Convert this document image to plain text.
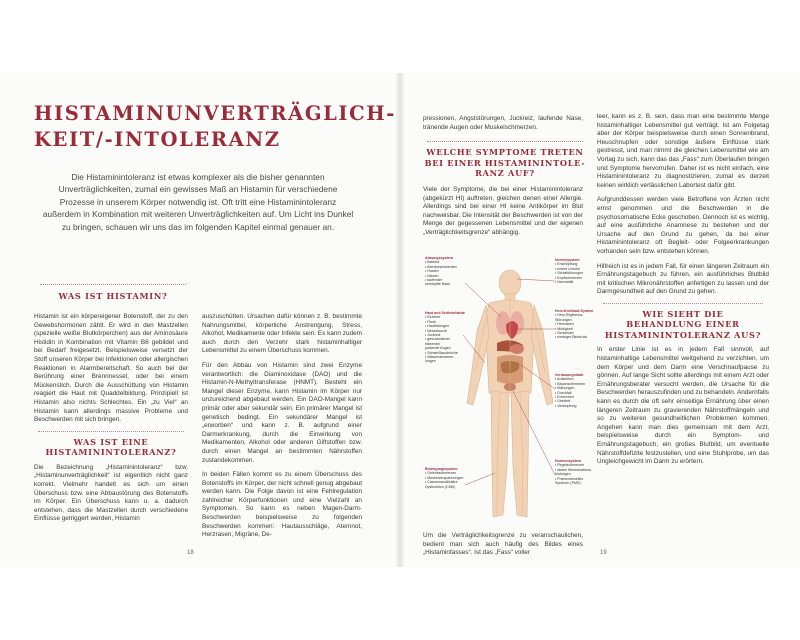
HISTAMINUNVERTRÄGLICH-
KEIT/-INTOLERANZ

Die Histaminintoleranz ist etwas komplexer als die bisher genannten Unverträglichkeiten, zumal ein gewisses Maß an Histamin für verschiedene Prozesse in unserem Körper notwendig ist. Oft tritt eine Histaminintoleranz außerdem in Kombination mit weiteren Unverträglichkeiten auf. Um Licht ins Dunkel zu bringen, schauen wir uns das im folgenden Kapitel einmal genauer an.

WAS IST HISTAMIN?

Histamin ist ein körpereigener Botenstoff, der zu den Gewebshormonen zählt. Er wird in den Mastzellen (spezielle weiße Blutkörperchen) aus der Aminosäure Histidin in Kombination mit Vitamin B6 gebildet und bei Bedarf freigesetzt. Beispielsweise versetzt der Stoff unseren Körper bei Infektionen oder allergischen Reaktionen in Alarmbereitschaft. So auch bei der Berührung einer Brennnessel, oder bei einem Mückenstich. Durch die Ausschüttung von Histamin reagiert die Haut mit Quaddelbildung. Prinzipiell ist Histamin also nichts Schlechtes. Ein „zu Viel“ an Histamin kann allerdings massive Probleme und Beschwerden mit sich bringen.

WAS IST EINE
HISTAMININTOLERANZ?

Die Bezeichnung „Histaminintoleranz“ bzw. „Histaminunverträglichkeit“ ist eigentlich nicht ganz korrekt. Vielmehr handelt es sich um einen Überschuss bzw. eine Abbaustörung des Botenstoffs im Körper. Ein Überschuss kann u. a. dadurch entstehen, dass die Mastzellen durch verschiedene Einflüsse getriggert werden, Histamin

auszuschütten. Ursachen dafür können z. B. bestimmte Nahrungsmittel, körperliche Anstrengung, Stress, Alkohol, Medikamente oder Infekte sein. Es kann zudem auch durch den Verzehr stark histaminhaltiger Lebensmittel zu einem Überschuss kommen.

Für den Abbau von Histamin sind zwei Enzyme verantwortlich: die Diaminoxidase (DAO) und die Histamin-N-Methyltransferase (HNMT). Besteht ein Mangel dieser Enzyme, kann Histamin im Körper nur unzureichend abgebaut werden. Ein DAO-Mangel kann primär oder aber sekundär sein. Ein primärer Mangel ist genetisch bedingt. Ein sekundärer Mangel ist „erworben“ und kann z. B. aufgrund einer Darmerkrankung, durch die Einwirkung von Medikamenten, Alkohol oder anderen Giftstoffen bzw. durch einen Mangel an bestimmten Nährstoffen zustandekommen.

In beiden Fällen kommt es zu einem Überschuss des Botenstoffs im Körper, der nicht schnell genug abgebaut werden kann. Die Folge davon ist eine Fehlregulation zahlreicher Körperfunktionen und eine Vielzahl an Symptomen. So kann es neben Magen-Darm-Beschwerden beispielsweise zu folgenden Beschwerden kommen: Hautausschläge, Atemnot, Herzrasen, Migräne, De-

18

pressionen, Angststörungen, Juckreiz, laufende Nase, tränende Augen oder Muskelschmerzen.

WELCHE SYMPTOME TRETEN
BEI EINER HISTAMININTOLE-
RANZ AUF?

Viele der Symptome, die bei einer Histaminintoleranz (abgekürzt HI) auftreten, gleichen denen einer Allergie. Allerdings sind bei einer HI keine Antikörper im Blut nachweisbar. Die Intensität der Beschwerden ist von der Menge der gegessenen Lebensmittel und der eigenen „Verträglichkeitsgrenze“ abhängig.

Atmungssystem
• Asthma
• Atembeschwerden
• Husten
• Niesen
• laufender
verstopfte Nase
Haut und Schleimhäute
• Ekzeme
• Flush
• Hautrötungen
• Nesselsucht
• Juckreiz
• geschwollene/
tränende/
juckende Augen
• Schweißausbrüche
• Wasseransamm-
lungen
Bewegungssystem
• Gelenkschmerzen
• Muskelverspannungen
• Craniomandibuläre
Dysfunktion (CMD)
Nervensystem
• Erschöpfung
• innere Unruhe
• Schlafstörungen
• Kopfschmerzen
• Nervosität
Herz-Kreislauf-System
• Herz-Rhythmus-
Störungen
• Herzrasen
• Müdigkeit
• Schwindel
• niedriger Blutdruck
Verdauungstrakt
• Aufstoßen
• Bauchschmerzen
• Blähungen
• Durchfall
• Erbrechen
• Übelkeit
• Verstopfung
Hormonsystem
• Regelschmerzen
• starke Menstruations-
blutungen
• Prämenstruelles
Syndrom (PMS)

Um die Verträglichkeitsgrenze zu veranschaulichen, bedient man sich auch häufig des Bildes eines „Histaminfasses“. Ist das „Fass“ voller

leer, kann es z. B. sein, dass man eine bestimmte Menge histaminhaltiger Lebensmittel gut verträgt. Ist am Folgetag aber der Körper beispielsweise durch einen Sonnenbrand, Heuschnupfen oder sonstige äußere Einflüsse stark gestresst, und man nimmt die gleichen Lebensmittel wie am Vortag zu sich, kann das das „Fass“ zum Überlaufen bringen und Symptome hervorrufen. Daher ist es nicht einfach, eine Histaminintoleranz zu diagnostizieren, zumal es derzeit keinen wirklich verlässlichen Labortest dafür gibt.

Aufgrunddessen werden viele Betroffene von Ärzten nicht ernst genommen und die Beschwerden in die psychosomatische Ecke geschoben. Dennoch ist es wichtig, auf eine ausführliche Anamnese zu bestehen und der Ursache auf den Grund zu gehen, da bei einer Histaminintoleranz oft Begleit- oder Folgeerkrankungen vorhanden sein bzw. entstehen können.

Hilfreich ist es in jedem Fall, für einen längeren Zeitraum ein Ernährungstagebuch zu führen, ein ausführliches Blutbild mit kritischen Mikronährstoffen anfertigen zu lassen und der Darmgesundheit auf den Grund zu gehen.

WIE SIEHT DIE
BEHANDLUNG EINER
HISTAMININTOLERANZ AUS?

In erster Linie ist es in jedem Fall sinnvoll, auf histaminhaltige Lebensmittel weitgehend zu verzichten, um dem Körper und dem Darm eine Verschnaufpause zu gönnen. Auf lange Sicht sollte allerdings mit einem Arzt oder Ernährungsberater versucht werden, die Ursache für die Beschwerden herauszufinden und zu behandeln. Andernfalls kann es durch die oft sehr einseitige Ernährung über einen längeren Zeitraum zu gravierenden Nährstoffmängeln und so zu weiteren gesundheitlichen Problemen kommen. Angehen kann man dies gemeinsam mit dem Arzt, beispielsweise durch ein Symptom- und Ernährungstagebuch, ein großes Blutbild, um eventuelle Nährstoffdefizite festzustellen, und eine Stuhlprobe, um das Ungleichgewicht im Darm zu erörtern.

19
